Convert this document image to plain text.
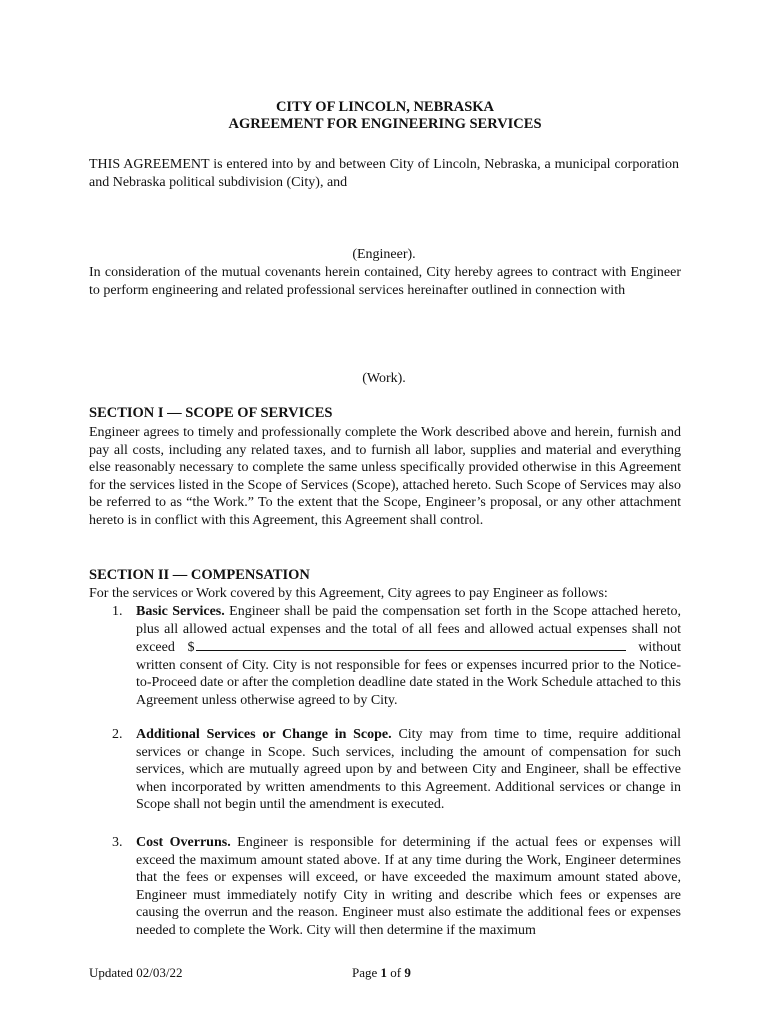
CITY OF LINCOLN, NEBRASKA
AGREEMENT FOR ENGINEERING SERVICES
THIS AGREEMENT is entered into by and between City of Lincoln, Nebraska, a municipal corporation and Nebraska political subdivision (City), and
(Engineer).
In consideration of the mutual covenants herein contained, City hereby agrees to contract with Engineer to perform engineering and related professional services hereinafter outlined in connection with
(Work).
SECTION I — SCOPE OF SERVICES
Engineer agrees to timely and professionally complete the Work described above and herein, furnish and pay all costs, including any related taxes, and to furnish all labor, supplies and material and everything else reasonably necessary to complete the same unless specifically provided otherwise in this Agreement for the services listed in the Scope of Services (Scope), attached hereto. Such Scope of Services may also be referred to as “the Work.” To the extent that the Scope, Engineer’s proposal, or any other attachment hereto is in conflict with this Agreement, this Agreement shall control.
SECTION II — COMPENSATION
For the services or Work covered by this Agreement, City agrees to pay Engineer as follows:
1. Basic Services. Engineer shall be paid the compensation set forth in the Scope attached hereto, plus all allowed actual expenses and the total of all fees and allowed actual expenses shall not exceed $	without written consent of City. City is not responsible for fees or expenses incurred prior to the Notice-to-Proceed date or after the completion deadline date stated in the Work Schedule attached to this Agreement unless otherwise agreed to by City.
2. Additional Services or Change in Scope. City may from time to time, require additional services or change in Scope. Such services, including the amount of compensation for such services, which are mutually agreed upon by and between City and Engineer, shall be effective when incorporated by written amendments to this Agreement. Additional services or change in Scope shall not begin until the amendment is executed.
3. Cost Overruns. Engineer is responsible for determining if the actual fees or expenses will exceed the maximum amount stated above. If at any time during the Work, Engineer determines that the fees or expenses will exceed, or have exceeded the maximum amount stated above, Engineer must immediately notify City in writing and describe which fees or expenses are causing the overrun and the reason. Engineer must also estimate the additional fees or expenses needed to complete the Work. City will then determine if the maximum
Updated 02/03/22	Page 1 of 9
